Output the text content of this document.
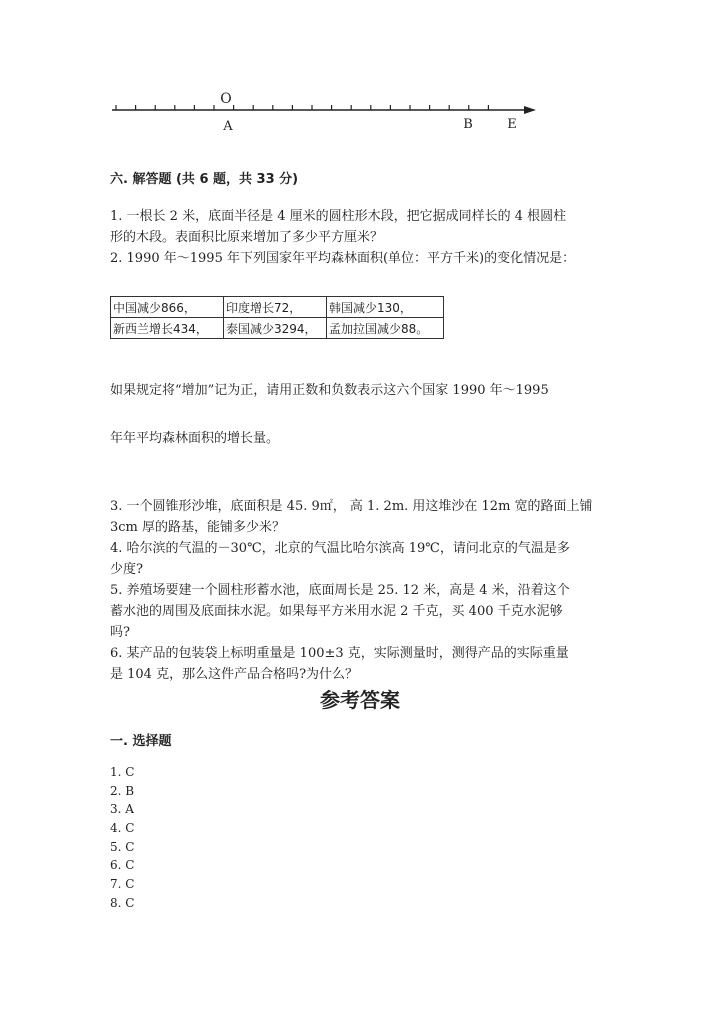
O
A	B	E
六. 解答题 (共 6 题，共 33 分)
1. 一根长 2 米，底面半径是 4 厘米的圆柱形木段，把它据成同样长的 4 根圆柱
形的木段。表面积比原来增加了多少平方厘米？
2. 1990 年～1995 年下列国家年平均森林面积(单位：平方千米)的变化情况是：
中国减少866，	印度增长72，	韩国减少130，
新西兰增长434，	泰国减少3294，	孟加拉国减少88。
如果规定将“增加”记为正，请用正数和负数表示这六个国家 1990 年～1995
年年平均森林面积的增长量。
3. 一个圆锥形沙堆，底面积是 45. 9㎡， 高 1. 2m. 用这堆沙在 12m 宽的路面上铺
3cm 厚的路基，能铺多少米？
4. 哈尔滨的气温的－30℃，北京的气温比哈尔滨高 19℃，请问北京的气温是多
少度?
5. 养殖场要建一个圆柱形蓄水池，底面周长是 25. 12 米，高是 4 米，沿着这个
蓄水池的周围及底面抹水泥。如果每平方米用水泥 2 千克，买 400 千克水泥够
吗?
6. 某产品的包装袋上标明重量是 100±3 克，实际测量时，测得产品的实际重量
是 104 克，那么这件产品合格吗?为什么？
参考答案
一. 选择题
1. C
2. B
3. A
4. C
5. C
6. C
7. C
8. C
